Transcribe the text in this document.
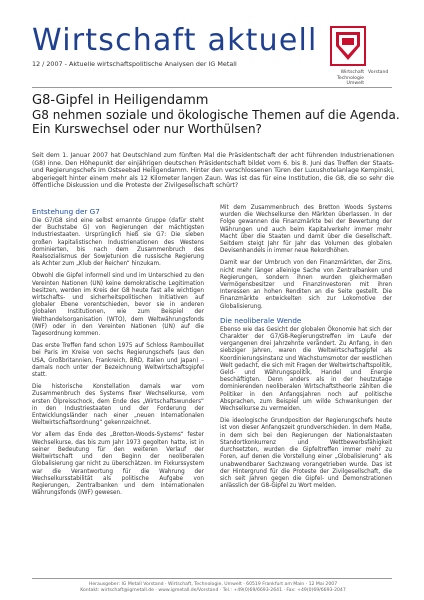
Wirtschaft aktuell
12 / 2007 - Aktuelle wirtschaftspolitische Analysen der IG Metall
Wirtschaft
Technologie
Umwelt
Vorstand

G8-Gipfel in Heiligendamm

G8 nehmen soziale und ökologische Themen auf die Agenda.

Ein Kurswechsel oder nur Worthülsen?

Seit dem 1. Januar 2007 hat Deutschland zum fünften Mal die Präsidentschaft der acht führenden Industrienationen (G8) inne. Den Höhepunkt der einjährigen deutschen Präsidentschaft bildet vom 6. bis 8. Juni das Treffen der Staats- und Regierungschefs im Ostseebad Heiligendamm. Hinter den verschlossenen Türen der Luxushotelanlage Kempinski, abgeriegelt hinter einem mehr als 12 Kilometer langen Zaun. Was ist das für eine Institution, die G8, die so sehr die öffentliche Diskussion und die Proteste der Zivilgesellschaft schürt?
Entstehung der G7

Die G7/G8 sind eine selbst ernannte Gruppe (dafür steht der Buchstabe G) von Regierungen der mächtigsten Industriestaaten. Ursprünglich hieß sie G7: Die sieben großen kapitalistischen Industrienationen des Westens dominierten, bis nach dem Zusammenbruch des Realsozialismus der Sowjetunion die russische Regierung als Achter zum „Klub der Reichen“ hinzukam.

Obwohl die Gipfel informell sind und im Unterschied zu den Vereinten Nationen (UN) keine demokratische Legitimation besitzen, werden im Kreis der G8 heute fast alle wichtigen wirtschafts- und sicherheitspolitischen Initiativen auf globaler Ebene vorentschieden, bevor sie in anderen globalen Institutionen, wie zum Beispiel der Welthandelsorganisation (WTO), dem Weltwährungsfonds (IWF) oder in den Vereinten Nationen (UN) auf die Tagesordnung kommen.

Das erste Treffen fand schon 1975 auf Schloss Rambouillet bei Paris im Kreise von sechs Regierungschefs (aus den USA, Großbritannien, Frankreich, BRD, Italien und Japan) – damals noch unter der Bezeichnung Weltwirtschaftsgipfel statt.

Die historische Konstellation damals war vom Zusammenbruch des Systems fixer Wechselkurse, vom ersten Ölpreisschock, dem Ende des „Wirtschaftswunders“ in den Industriestaaten und der Forderung der Entwicklungsländer nach einer „neuen Internationalen Weltwirtschaftsordnung“ gekennzeichnet.

Vor allem das Ende des „Bretton-Woods-Systems“ fester Wechselkurse, das bis zum Jahr 1973 gegolten hatte, ist in seiner Bedeutung für den weiteren Verlauf der Weltwirtschaft und den Beginn der neoliberalen Globalisierung gar nicht zu überschätzen. Im Fixkurssystem war die Verantwortung für die Wahrung der Wechselkursstabilität als politische Aufgabe von Regierungen, Zentralbanken und dem Internationalen Währungsfonds (IWF) gewesen.

Mit dem Zusammenbruch des Bretton Woods Systems wurden die Wechselkurse den Märkten überlassen. In der Folge gewannen die Finanzmärkte bei der Bewertung der Währungen und auch beim Kapitalverkehr immer mehr Macht über die Staaten und damit über die Gesellschaft. Seitdem steigt Jahr für Jahr das Volumen des globalen Devisenhandels in immer neue Rekordhöhen.

Damit war der Umbruch von den Finanzmärkten, der Zins, nicht mehr länger alleinige Sache von Zentralbanken und Regierungen, sondern ihnen wurden gleichermaßen Vermögensbesitzer und Finanzinvestoren mit ihren Interessen an hohen Renditen an die Seite gestellt. Die Finanzmärkte entwickelten sich zur Lokomotive der Globalisierung.

Die neoliberale Wende

Ebenso wie das Gesicht der globalen Ökonomie hat sich der Charakter der G7/G8-Regierungstreffen im Laufe der vergangenen drei Jahrzehnte verändert. Zu Anfang, in den siebziger Jahren, waren die Weltwirtschaftsgipfel als Koordinierungsinstanz und Wachstumsmotor der westlichen Welt gedacht, die sich mit Fragen der Weltwirtschaftspolitik, Geld- und Währungspolitik, Handel und Energie beschäftigten. Denn anders als in der heutzutage dominierenden neoliberalen Wirtschaftstheorie zählten die Politiker in den Anfangsjahren noch auf politische Absprachen, zum Beispiel um wilde Schwankungen der Wechselkurse zu vermeiden.

Die ideologische Grundposition der Regierungschefs heute ist von dieser Anfangszeit grundverschieden. In dem Maße, in dem sich bei den Regierungen der Nationalstaaten Standortkonkurrenz und Wettbewerbsfähigkeit durchsetzten, wurden die Gipfeltreffen immer mehr zu Foren, auf denen die Vorstellung einer „Globalisierung“ als unabwendbarer Sachzwang vorangetrieben wurde. Das ist der Hintergrund für die Proteste der Zivilgesellschaft, die sich seit Jahren gegen die Gipfel- und Demonstrationen anlässlich der G8-Gipfel zu Wort melden.

Herausgeber: IG Metall Vorstand · Wirtschaft, Technologie, Umwelt · 60519 Frankfurt am Main · 12 Mai 2007
Kontakt: wirtschaft@igmetall.de · www.igmetall.de/Vorstand · Tel.: +49(0)69/6693-2641 · Fax: +49(0)69/6693-2047
